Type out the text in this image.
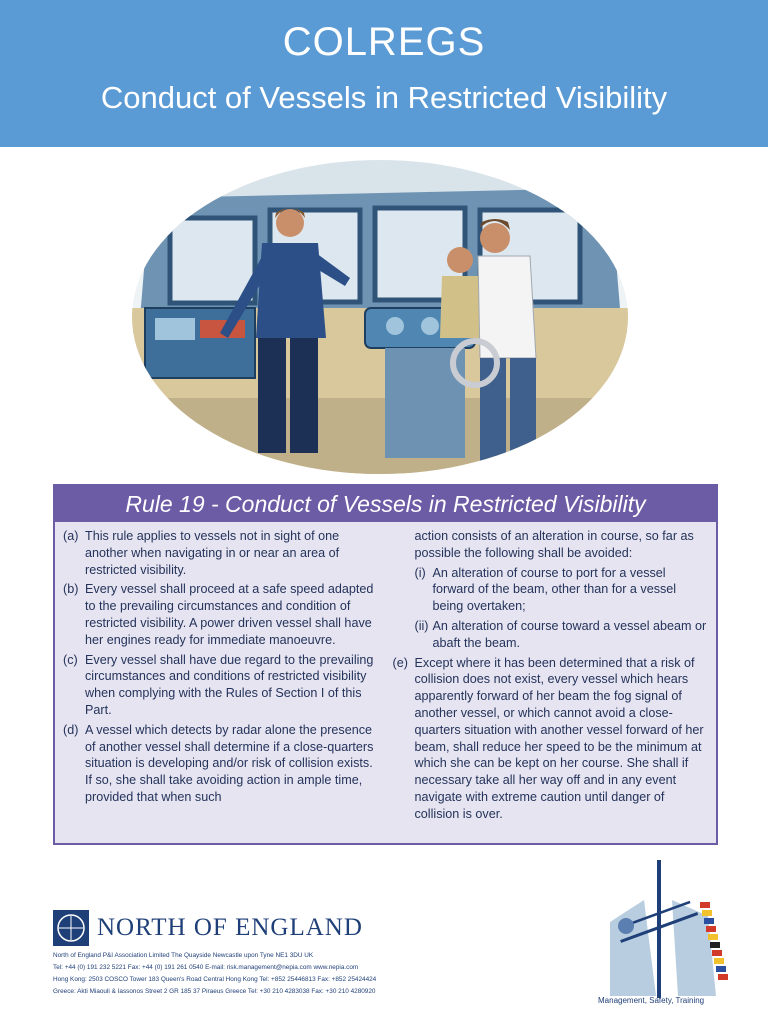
COLREGS
Conduct of Vessels in Restricted Visibility
Rule 19 - Conduct of Vessels in Restricted Visibility
(a) This rule applies to vessels not in sight of one another when navigating in or near an area of restricted visibility.
(b) Every vessel shall proceed at a safe speed adapted to the prevailing circumstances and condition of restricted visibility. A power driven vessel shall have her engines ready for immediate manoeuvre.
(c) Every vessel shall have due regard to the prevailing circumstances and conditions of restricted visibility when complying with the Rules of Section I of this Part.
(d) A vessel which detects by radar alone the presence of another vessel shall determine if a close-quarters situation is developing and/or risk of collision exists. If so, she shall take avoiding action in ample time, provided that when such
action consists of an alteration in course, so far as possible the following shall be avoided:
(i) An alteration of course to port for a vessel forward of the beam, other than for a vessel being overtaken;
(ii) An alteration of course toward a vessel abeam or abaft the beam.
(e) Except where it has been determined that a risk of collision does not exist, every vessel which hears apparently forward of her beam the fog signal of another vessel, or which cannot avoid a close-quarters situation with another vessel forward of her beam, shall reduce her speed to be the minimum at which she can be kept on her course. She shall if necessary take all her way off and in any event navigate with extreme caution until danger of collision is over.
NORTH OF ENGLAND
North of England P&I Association Limited The Quayside Newcastle upon Tyne NE1 3DU UK
Tel: +44 (0) 191 232 5221 Fax: +44 (0) 191 261 0540 E-mail: risk.management@nepia.com www.nepia.com
Hong Kong: 2503 COSCO Tower 183 Queen's Road Central Hong Kong Tel: +852 25446813 Fax: +852 25424424
Greece: Akti Miaouli & Iassonos Street 2 GR 185 37 Piraeus Greece Tel: +30 210 4283038 Fax: +30 210 4280920
Management, Safety, Training
